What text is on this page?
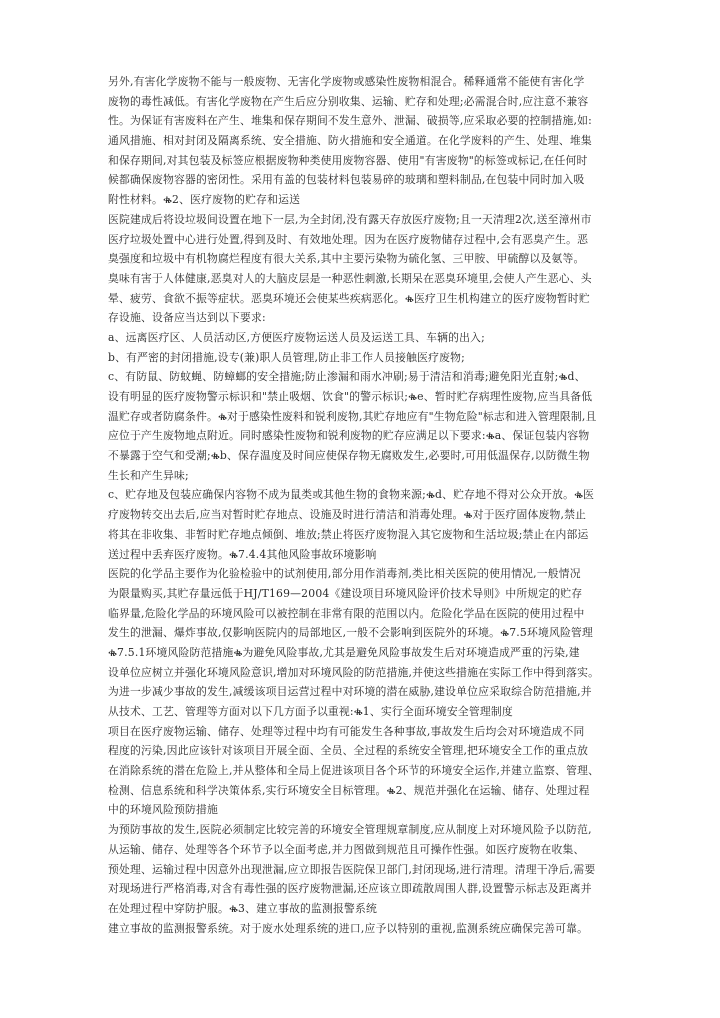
另外,有害化学废物不能与一般废物、无害化学废物或感染性废物相混合。稀释通常不能使有害化学
废物的毒性减低。有害化学废物在产生后应分别收集、运输、贮存和处理;必需混合时,应注意不兼容
性。为保证有害废料在产生、堆集和保存期间不发生意外、泄漏、破损等,应采取必要的控制措施,如:
通风措施、相对封闭及隔离系统、安全措施、防火措施和安全通道。在化学废料的产生、处理、堆集
和保存期间,对其包装及标签应根据废物种类使用废物容器、使用"有害废物"的标签或标记,在任何时
候都确保废物容器的密闭性。采用有盖的包装材料包装易碎的玻璃和塑料制品,在包装中同时加入吸
附性材料。ቈ2、医疗废物的贮存和运送
医院建成后将设垃圾间设置在地下一层,为全封闭,没有露天存放医疗废物;且一天清理2次,送至漳州市
医疗垃圾处置中心进行处置,得到及时、有效地处理。因为在医疗废物储存过程中,会有恶臭产生。恶
臭强度和垃圾中有机物腐烂程度有很大关系,其中主要污染物为硫化氢、三甲胺、甲硫醇以及氨等。
臭味有害于人体健康,恶臭对人的大脑皮层是一种恶性刺激,长期呆在恶臭环境里,会使人产生恶心、头
晕、疲劳、食欲不振等症状。恶臭环境还会使某些疾病恶化。ቈ医疗卫生机构建立的医疗废物暂时贮
存设施、设备应当达到以下要求:
a、远离医疗区、人员活动区,方便医疗废物运送人员及运送工具、车辆的出入;
b、有严密的封闭措施,设专(兼)职人员管理,防止非工作人员接触医疗废物;
c、有防鼠、防蚊蝇、防蟑螂的安全措施;防止渗漏和雨水冲刷;易于清洁和消毒;避免阳光直射;ቈd、
设有明显的医疗废物警示标识和"禁止吸烟、饮食"的警示标识;ቈe、暂时贮存病理性废物,应当具备低
温贮存或者防腐条件。ቈ对于感染性废料和锐利废物,其贮存地应有"生物危险"标志和进入管理限制,且
应位于产生废物地点附近。同时感染性废物和锐利废物的贮存应满足以下要求:ቈa、保证包装内容物
不暴露于空气和受潮;ቈb、保存温度及时间应使保存物无腐败发生,必要时,可用低温保存,以防微生物
生长和产生异味;
c、贮存地及包装应确保内容物不成为鼠类或其他生物的食物来源;ቈd、贮存地不得对公众开放。ቈ医
疗废物转交出去后,应当对暂时贮存地点、设施及时进行清洁和消毒处理。ቈ对于医疗固体废物,禁止
将其在非收集、非暂时贮存地点倾倒、堆放;禁止将医疗废物混入其它废物和生活垃圾;禁止在内部运
送过程中丢弃医疗废物。ቈ7.4.4其他风险事故环境影响
医院的化学品主要作为化验检验中的试剂使用,部分用作消毒剂,类比相关医院的使用情况,一般情况
为限量购买,其贮存量远低于HJ/T169—2004《建设项目环境风险评价技术导则》中所规定的贮存
临界量,危险化学品的环境风险可以被控制在非常有限的范围以内。危险化学品在医院的使用过程中
发生的泄漏、爆炸事故,仅影响医院内的局部地区,一般不会影响到医院外的环境。ቈ7.5环境风险管理
ቈ7.5.1环境风险防范措施ቈ为避免风险事故,尤其是避免风险事故发生后对环境造成严重的污染,建
设单位应树立并强化环境风险意识,增加对环境风险的防范措施,并使这些措施在实际工作中得到落实。
为进一步减少事故的发生,减缓该项目运营过程中对环境的潜在威胁,建设单位应采取综合防范措施,并
从技术、工艺、管理等方面对以下几方面予以重视:ቈ1、实行全面环境安全管理制度
项目在医疗废物运输、储存、处理等过程中均有可能发生各种事故,事故发生后均会对环境造成不同
程度的污染,因此应该针对该项目开展全面、全员、全过程的系统安全管理,把环境安全工作的重点放
在消除系统的潜在危险上,并从整体和全局上促进该项目各个环节的环境安全运作,并建立监察、管理、
检测、信息系统和科学决策体系,实行环境安全目标管理。ቈ2、规范并强化在运输、储存、处理过程
中的环境风险预防措施
为预防事故的发生,医院必须制定比较完善的环境安全管理规章制度,应从制度上对环境风险予以防范,
从运输、储存、处理等各个环节予以全面考虑,并力图做到规范且可操作性强。如医疗废物在收集、
预处理、运输过程中因意外出现泄漏,应立即报告医院保卫部门,封闭现场,进行清理。清理干净后,需要
对现场进行严格消毒,对含有毒性强的医疗废物泄漏,还应该立即疏散周围人群,设置警示标志及距离并
在处理过程中穿防护服。ቈ3、建立事故的监测报警系统
建立事故的监测报警系统。对于废水处理系统的进口,应予以特别的重视,监测系统应确保完善可靠。
